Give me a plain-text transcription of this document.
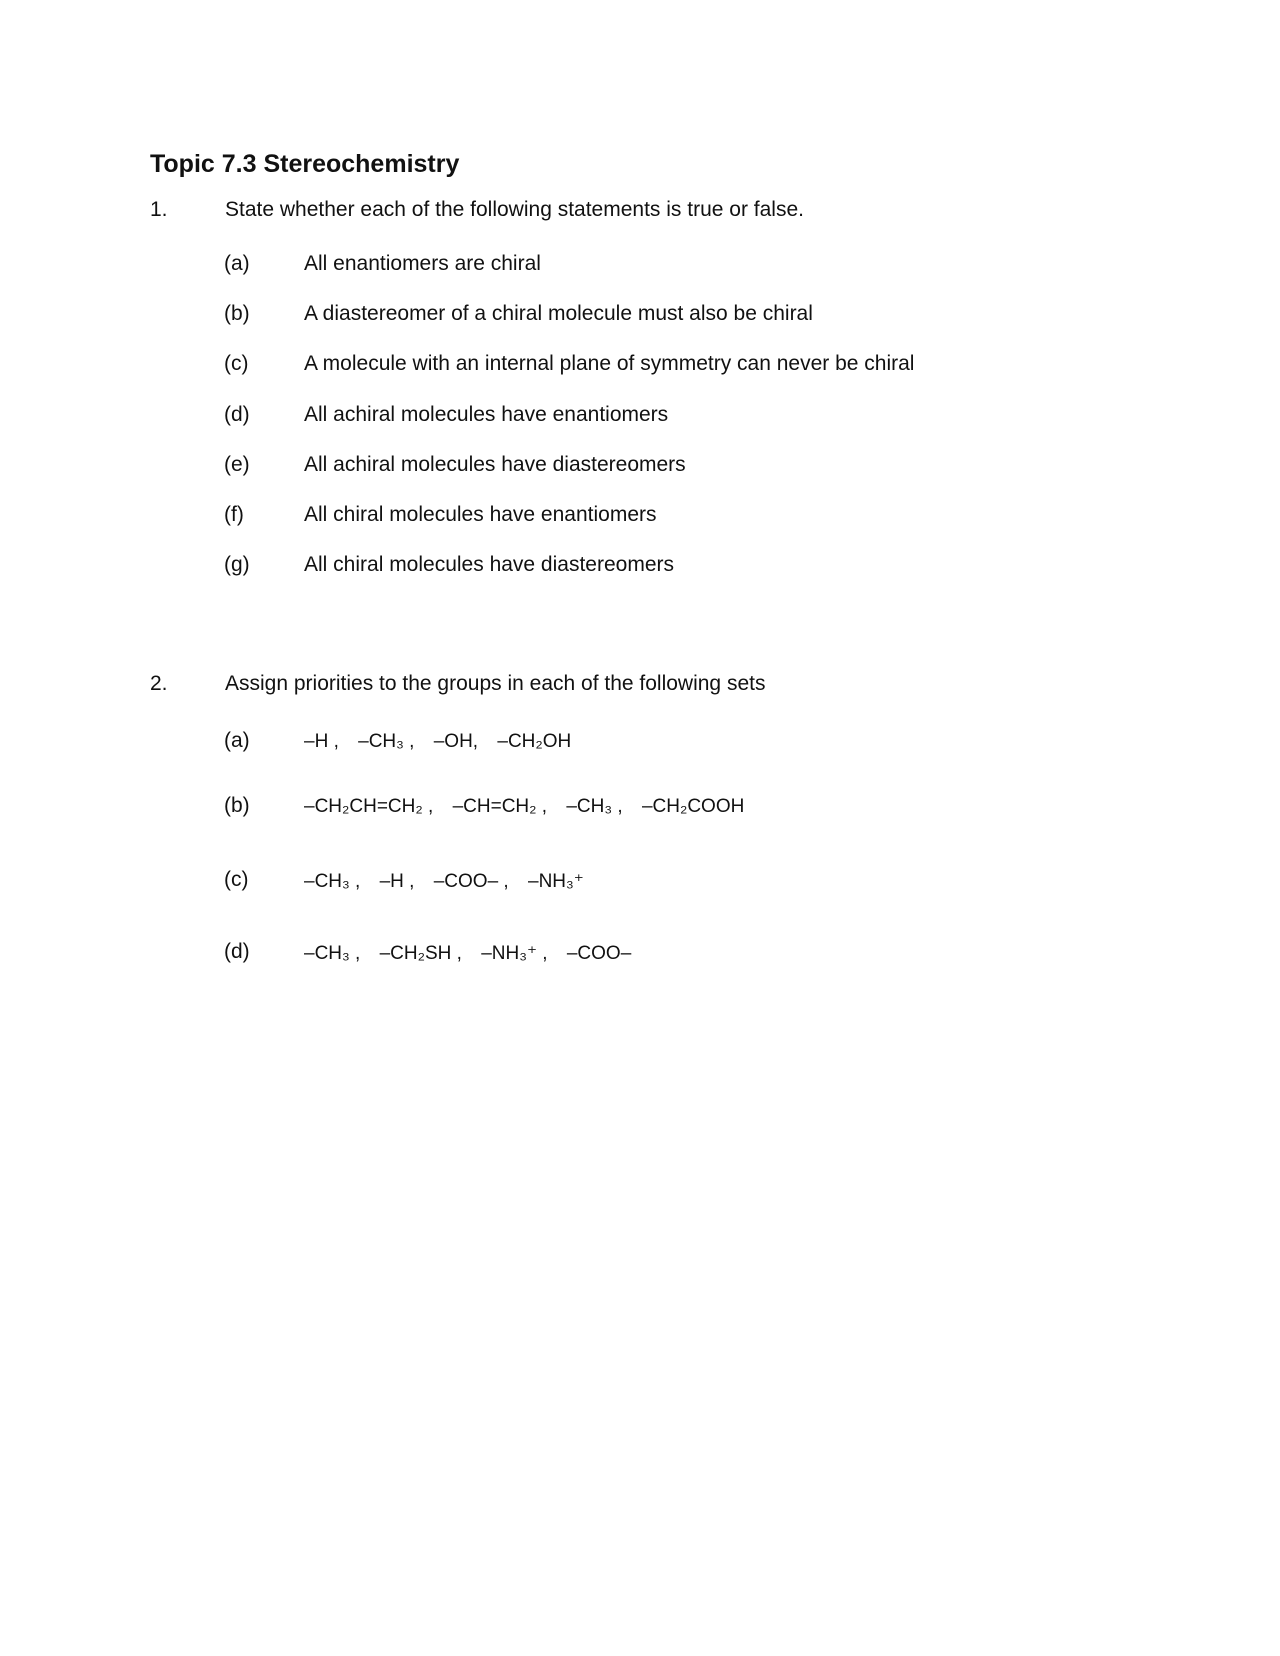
Topic 7.3 Stereochemistry
1.	State whether each of the following statements is true or false.
(a)	All enantiomers are chiral
(b)	A diastereomer of a chiral molecule must also be chiral
(c)	A molecule with an internal plane of symmetry can never be chiral
(d)	All achiral molecules have enantiomers
(e)	All achiral molecules have diastereomers
(f)	All chiral molecules have enantiomers
(g)	All chiral molecules have diastereomers
2.	Assign priorities to the groups in each of the following sets
(a)	–H , –CH₃ , –OH, –CH₂OH
(b)	–CH₂CH=CH₂ , –CH=CH₂ , –CH₃ , –CH₂COOH
(c)	–CH₃ , –H , –COO– , –NH₃⁺
(d)	–CH₃ , –CH₂SH , –NH₃⁺ , –COO–
